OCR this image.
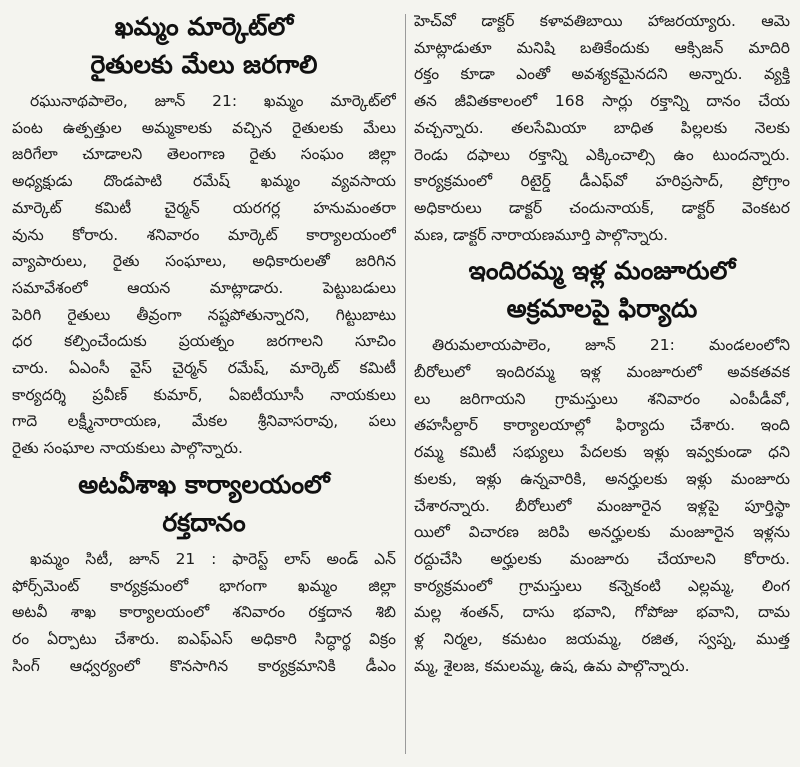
ఖమ్మం మార్కెట్‌లో
రైతులకు మేలు జరగాలి

రఘునాథపాలెం, జూన్ 21: ఖమ్మం మార్కెట్‌లో

పంట ఉత్పత్తుల అమ్మకాలకు వచ్చిన రైతులకు మేలు

జరిగేలా చూడాలని తెలంగాణ రైతు సంఘం జిల్లా

అధ్యక్షుడు దొండపాటి రమేష్ ఖమ్మం వ్యవసాయ

మార్కెట్ కమిటీ చైర్మన్ యరగర్ల హనుమంతరా

వును కోరారు. శనివారం మార్కెట్ కార్యాలయంలో

వ్యాపారులు, రైతు సంఘాలు, అధికారులతో జరిగిన

సమావేశంలో ఆయన మాట్లాడారు. పెట్టుబడులు

పెరిగి రైతులు తీవ్రంగా నష్టపోతున్నారని, గిట్టుబాటు

ధర కల్పించేందుకు ప్రయత్నం జరగాలని సూచిం

చారు. ఏఎంసీ వైస్ చైర్మన్ రమేష్, మార్కెట్ కమిటీ

కార్యదర్శి ప్రవీణ్ కుమార్, ఏఐటీయూసీ నాయకులు

గాదె లక్ష్మీనారాయణ, మేకల శ్రీనివాసరావు, పలు

రైతు సంఘాల నాయకులు పాల్గొన్నారు.

అటవీశాఖ కార్యాలయంలో
రక్తదానం

ఖమ్మం సిటీ, జూన్ 21 : ఫారెస్ట్ లాస్ అండ్ ఎన్

ఫోర్స్‌మెంట్ కార్యక్రమంలో భాగంగా ఖమ్మం జిల్లా

అటవీ శాఖ కార్యాలయంలో శనివారం రక్తదాన శిబి

రం ఏర్పాటు చేశారు. ఐఎఫ్ఎస్ అధికారి సిద్ధార్థ విక్రం

సింగ్ ఆధ్వర్యంలో కొనసాగిన కార్యక్రమానికి డీఎం

హెచ్‌వో డాక్టర్ కళావతిబాయి హాజరయ్యారు. ఆమె

మాట్లాడుతూ మనిషి బతికేందుకు ఆక్సిజన్ మాదిరి

రక్తం కూడా ఎంతో అవశ్యకమైనదని అన్నారు. వ్యక్తి

తన జీవితకాలంలో 168 సార్లు రక్తాన్ని దానం చేయ

వచ్చన్నారు. తలసేమియా బాధిత పిల్లలకు నెలకు

రెండు దఫాలు రక్తాన్ని ఎక్కించాల్సి ఉం టుందన్నారు.

కార్యక్రమంలో రిటైర్డ్ డీఎఫ్‌వో హరిప్రసాద్, ప్రోగ్రాం

అధికారులు డాక్టర్ చందునాయక్, డాక్టర్ వెంకటర

మణ, డాక్టర్ నారాయణమూర్తి పాల్గొన్నారు.

ఇందిరమ్మ ఇళ్ల మంజూరులో
అక్రమాలపై ఫిర్యాదు

తిరుమలాయపాలెం, జూన్ 21: మండలంలోని

బీరోలులో ఇందిరమ్మ ఇళ్ల మంజూరులో అవకతవక

లు జరిగాయని గ్రామస్తులు శనివారం ఎంపీడీవో,

తహసీల్దార్ కార్యాలయాల్లో ఫిర్యాదు చేశారు. ఇంది

రమ్మ కమిటీ సభ్యులు పేదలకు ఇళ్లు ఇవ్వకుండా ధని

కులకు, ఇళ్లు ఉన్నవారికి, అనర్హులకు ఇళ్లు మంజూరు

చేశారన్నారు. బీరోలులో మంజూరైన ఇళ్లపై పూర్తిస్థా

యిలో విచారణ జరిపి అనర్హులకు మంజూరైన ఇళ్లను

రద్దుచేసి అర్హులకు మంజూరు చేయాలని కోరారు.

కార్యక్రమంలో గ్రామస్తులు కన్నెకంటి ఎల్లమ్మ, లింగ

మల్ల శంతన్, దాసు భవాని, గోపోజు భవాని, దామ

ళ్ల నిర్మల, కమటం జయమ్మ, రజిత, స్వప్న, ముత్త

మ్మ, శైలజ, కమలమ్మ, ఉష, ఉమ పాల్గొన్నారు.
